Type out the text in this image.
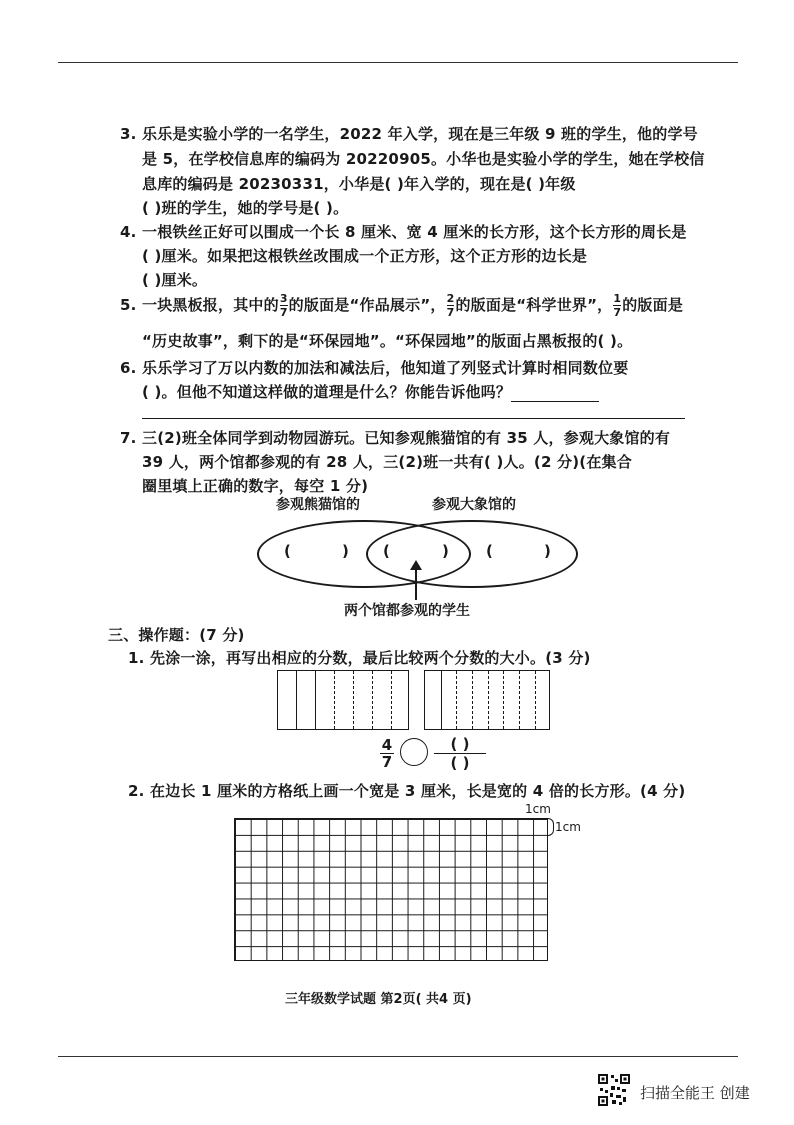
3. 乐乐是实验小学的一名学生，2022 年入学，现在是三年级 9 班的学生，他的学号
是 5，在学校信息库的编码为 20220905。小华也是实验小学的学生，她在学校信
息库的编码是 20230331，小华是( )年入学的，现在是( )年级
( )班的学生，她的学号是( )。
4. 一根铁丝正好可以围成一个长 8 厘米、宽 4 厘米的长方形，这个长方形的周长是
( )厘米。如果把这根铁丝改围成一个正方形，这个正方形的边长是
( )厘米。
5. 一块黑板报，其中的 $\frac{3}{7}$ 的版面是“作品展示”， $\frac{2}{7}$ 的版面是“科学世界”， $\frac{1}{7}$ 的版面是
“历史故事”，剩下的是“环保园地”。“环保园地”的版面占黑板报的( )。
6. 乐乐学习了万以内数的加法和减法后，他知道了列竖式计算时相同数位要
( )。但他不知道这样做的道理是什么？你能告诉他吗？
7. 三(2)班全体同学到动物园游玩。已知参观熊猫馆的有 35 人，参观大象馆的有
39 人，两个馆都参观的有 28 人，三(2)班一共有( )人。(2 分)(在集合
圈里填上正确的数字，每空 1 分)
参观熊猫馆的	参观大象馆的
(	) (	) (	)
两个馆都参观的学生
三、操作题：(7 分)
1. 先涂一涂，再写出相应的分数，最后比较两个分数的大小。(3 分)
4
7
( )
( )
2. 在边长 1 厘米的方格纸上画一个宽是 3 厘米，长是宽的 4 倍的长方形。(4 分)
1cm
1cm
三年级数学试题 第2页( 共4 页)
扫描全能王 创建
